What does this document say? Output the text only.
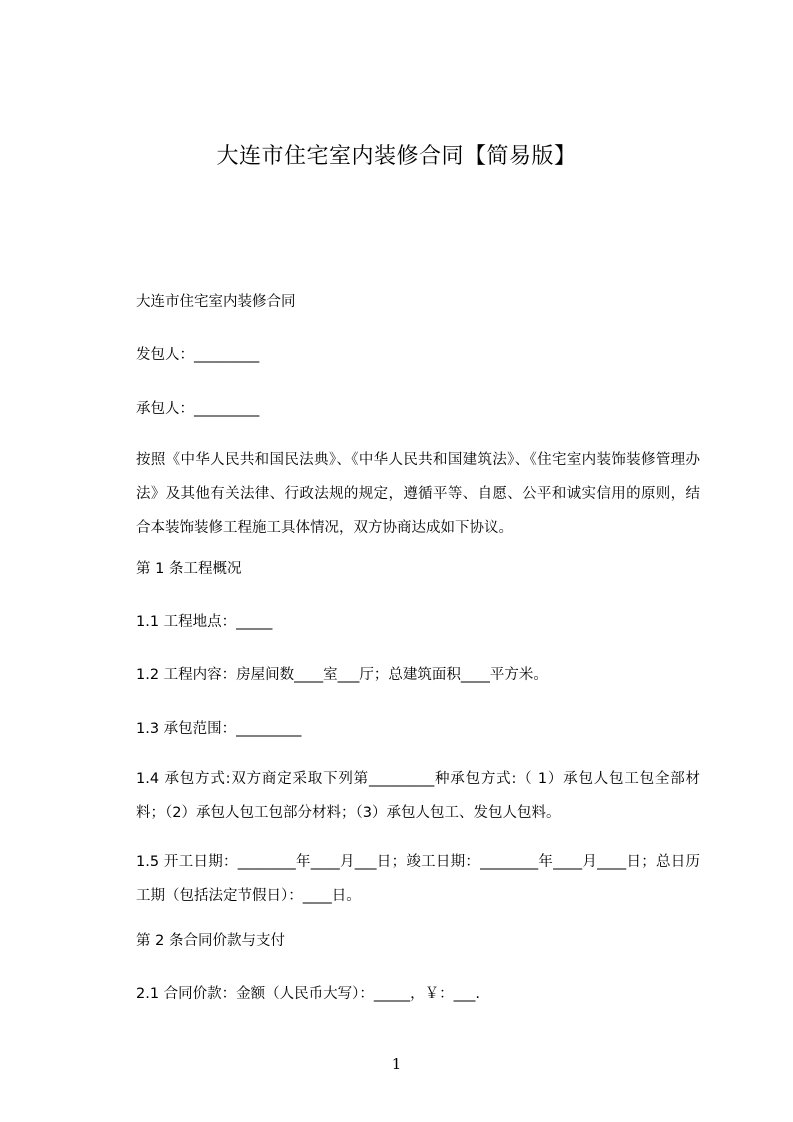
大连市住宅室内装修合同【简易版】
大连市住宅室内装修合同
发包人：_________
承包人：_________
按照《中华人民共和国民法典》、《中华人民共和国建筑法》、《住宅室内装饰装修管理办法》及其他有关法律、行政法规的规定，遵循平等、自愿、公平和诚实信用的原则，结合本装饰装修工程施工具体情况，双方协商达成如下协议。
第 1 条工程概况
1.1 工程地点：_____
1.2 工程内容：房屋间数____室___厅；总建筑面积____平方米。
1.3 承包范围：_________
1.4 承包方式:双方商定采取下列第_________种承包方式:（ 1）承包人包工包全部材料；（2）承包人包工包部分材料；（3）承包人包工、发包人包料。
1.5 开工日期：________年____月___日；竣工日期：________年____月____日；总日历工期（包括法定节假日）：____日。
第 2 条合同价款与支付
2.1 合同价款：金额（人民币大写）：_____，￥：___.
1
